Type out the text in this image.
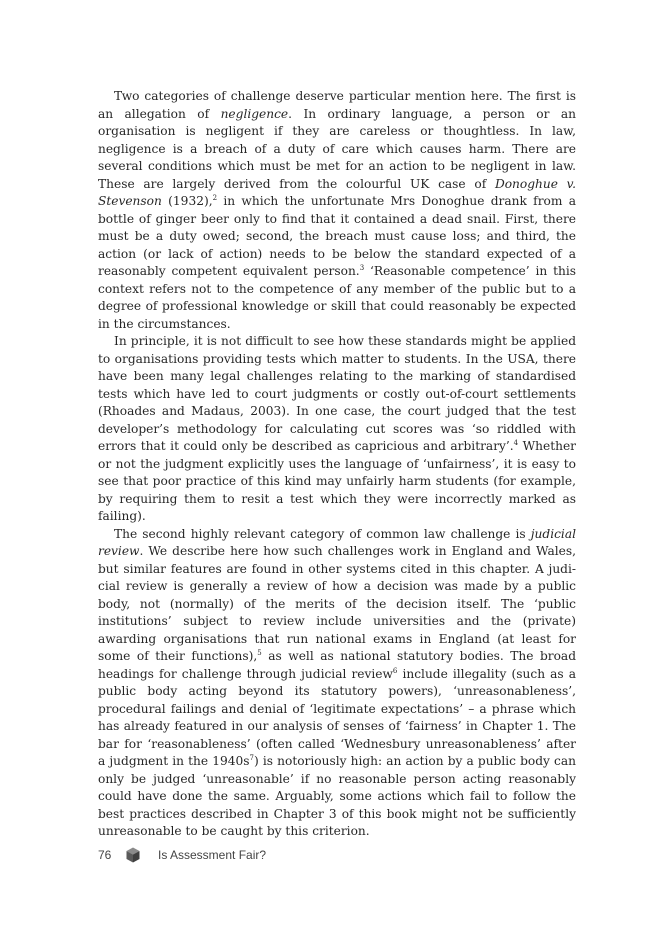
Two categories of challenge deserve particular mention here. The first is an allegation of negligence. In ordinary language, a person or an organisation is negligent if they are careless or thoughtless. In law, negligence is a breach of a duty of care which causes harm. There are several conditions which must be met for an action to be negligent in law. These are largely derived from the colourful UK case of Donoghue v. Stevenson (1932),$^2$ in which the unfortunate Mrs Donoghue drank from a bottle of ginger beer only to find that it contained a dead snail. First, there must be a duty owed; second, the breach must cause loss; and third, the action (or lack of action) needs to be below the standard expected of a reasonably competent equivalent person.$^3$ ‘Reasonable competence’ in this context refers not to the competence of any member of the public but to a degree of professional knowledge or skill that could reasonably be expected in the circumstances.

In principle, it is not difficult to see how these standards might be applied to organisations providing tests which matter to students. In the USA, there have been many legal challenges relating to the marking of standardised tests which have led to court judgments or costly out-of-court settlements (Rhoades and Madaus, 2003). In one case, the court judged that the test developer’s methodology for calculating cut scores was ‘so riddled with errors that it could only be described as capricious and arbitrary’.$^4$ Whether or not the judgment explicitly uses the language of ‘unfairness’, it is easy to see that poor practice of this kind may unfairly harm students (for example, by requiring them to resit a test which they were incorrectly marked as failing).

The second highly relevant category of common law challenge is judicial review. We describe here how such challenges work in England and Wales, but similar features are found in other systems cited in this chapter. A judicial review is generally a review of how a decision was made by a public body, not (normally) of the merits of the decision itself. The ‘public institutions’ subject to review include universities and the (private) awarding organisations that run national exams in England (at least for some of their functions),$^5$ as well as national statutory bodies. The broad headings for challenge through judicial review$^6$ include illegality (such as a public body acting beyond its statutory powers), ‘unreasonableness’, procedural failings and denial of ‘legitimate expectations’ – a phrase which has already featured in our analysis of senses of ‘fairness’ in Chapter 1. The bar for ‘reasonableness’ (often called ‘Wednesbury unreasonableness’ after a judgment in the $1940s^7$) is notoriously high: an action by a public body can only be judged ‘unreasonable’ if no reasonable person acting reasonably could have done the same. Arguably, some actions which fail to follow the best practices described in Chapter 3 of this book might not be sufficiently unreasonable to be caught by this criterion.

76	Is Assessment Fair?
